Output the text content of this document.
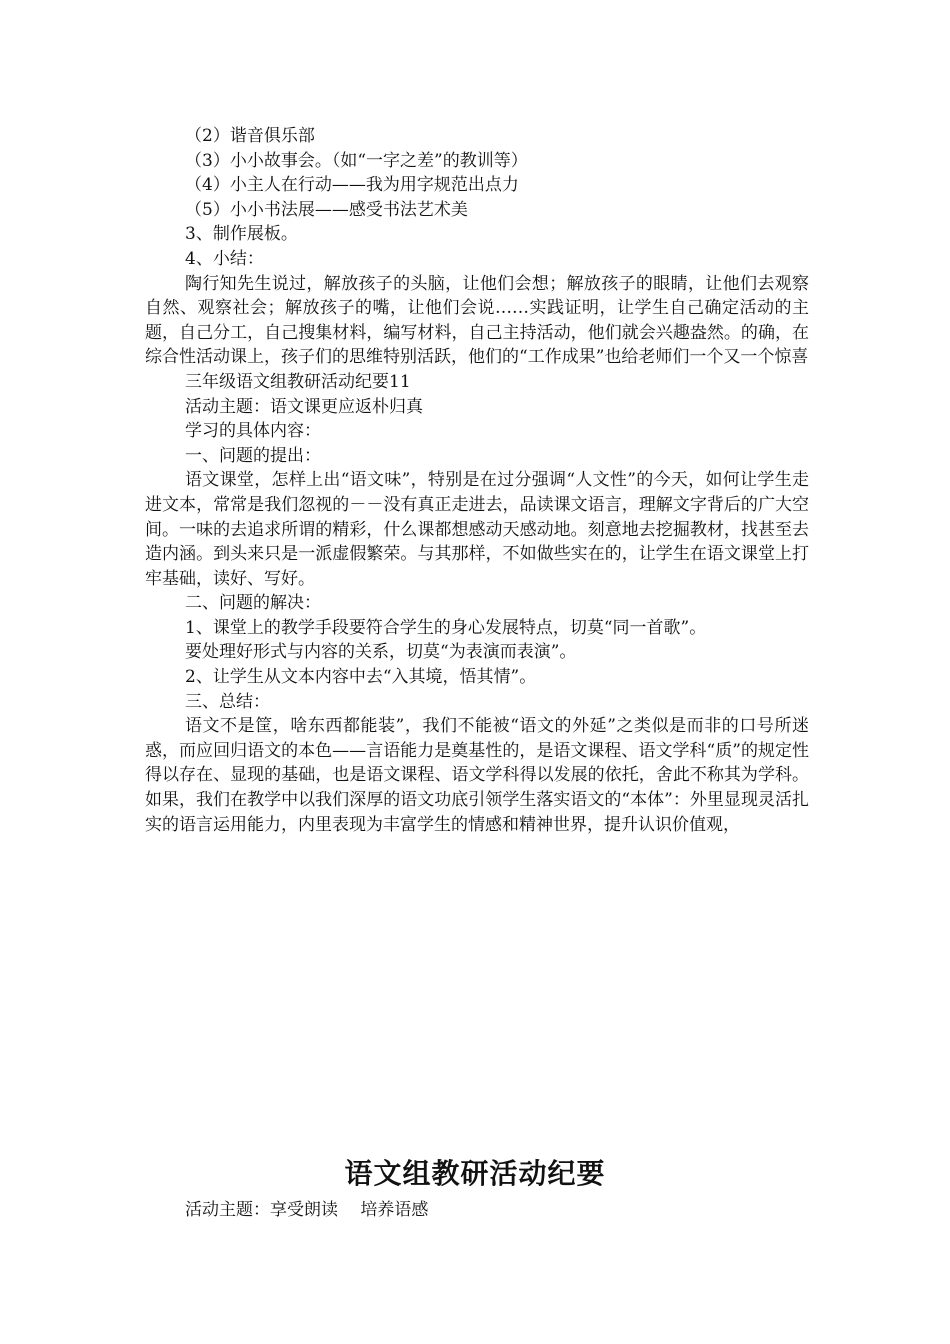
（2）谐音俱乐部

（3）小小故事会。（如“一字之差”的教训等）

（4）小主人在行动——我为用字规范出点力

（5）小小书法展——感受书法艺术美

3、制作展板。

4、小结：

陶行知先生说过，解放孩子的头脑，让他们会想；解放孩子的眼睛，让他们去观察自然、观察社会；解放孩子的嘴，让他们会说……实践证明，让学生自己确定活动的主题，自己分工，自己搜集材料，编写材料，自己主持活动，他们就会兴趣盎然。的确，在综合性活动课上，孩子们的思维特别活跃，他们的“工作成果”也给老师们一个又一个惊喜

三年级语文组教研活动纪要11

活动主题：语文课更应返朴归真

学习的具体内容：

一、问题的提出：

语文课堂，怎样上出“语文味”，特别是在过分强调“人文性”的今天，如何让学生走进文本，常常是我们忽视的－－没有真正走进去，品读课文语言，理解文字背后的广大空间。一味的去追求所谓的精彩，什么课都想感动天感动地。刻意地去挖掘教材，找甚至去造内涵。到头来只是一派虚假繁荣。与其那样，不如做些实在的，让学生在语文课堂上打牢基础，读好、写好。

二、问题的解决：

1、课堂上的教学手段要符合学生的身心发展特点，切莫“同一首歌”。

要处理好形式与内容的关系，切莫“为表演而表演”。

2、让学生从文本内容中去“入其境，悟其情”。

三、总结：

语文不是筐，啥东西都能装”，我们不能被“语文的外延”之类似是而非的口号所迷惑，而应回归语文的本色——言语能力是奠基性的，是语文课程、语文学科“质”的规定性得以存在、显现的基础，也是语文课程、语文学科得以发展的依托，舍此不称其为学科。如果，我们在教学中以我们深厚的语文功底引领学生落实语文的“本体”：外里显现灵活扎实的语言运用能力，内里表现为丰富学生的情感和精神世界，提升认识价值观，

语文组教研活动纪要

活动主题：享受朗读　 培养语感
